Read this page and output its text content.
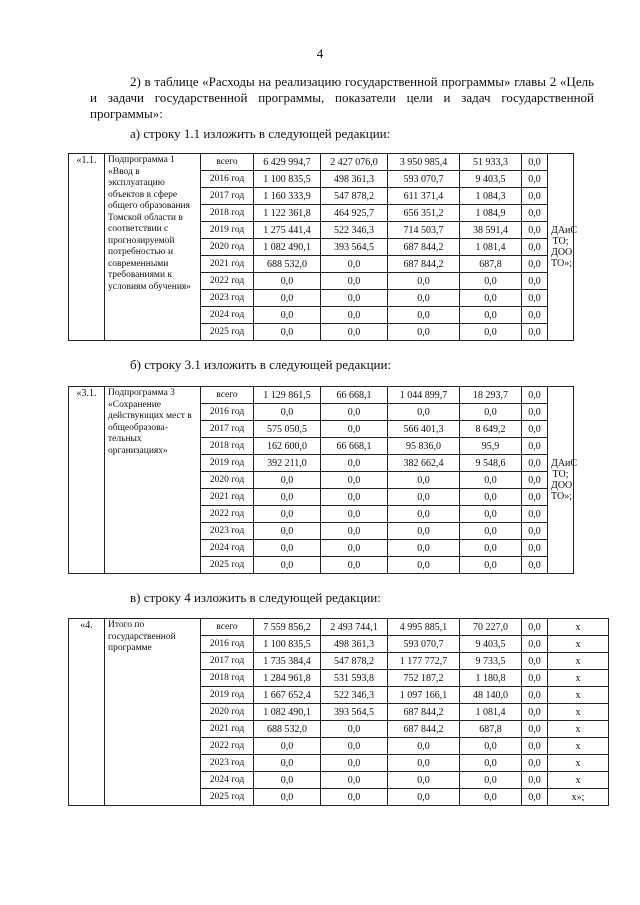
4
2) в таблице «Расходы на реализацию государственной программы» главы 2 «Цель и задачи государственной программы, показатели цели и задач государственной программы»:
а) строку 1.1 изложить в следующей редакции:
«1.1.	Подпрограмма 1 «Ввод в эксплуатацию объектов в сфере общего образования Томской области в соответствии с прогнозируемой потребностью и современными требованиями к условиям обучения»	всего	6 429 994,7	2 427 076,0	3 950 985,4	51 933,3	0,0	ДАиС ТО; ДОО ТО»;
		2016 год	1 100 835,5	498 361,3	593 070,7	9 403,5	0,0	
		2017 год	1 160 333,9	547 878,2	611 371,4	1 084,3	0,0	
		2018 год	1 122 361,8	464 925,7	656 351,2	1 084,9	0,0	
		2019 год	1 275 441,4	522 346,3	714 503,7	38 591,4	0,0	
		2020 год	1 082 490,1	393 564,5	687 844,2	1 081,4	0,0	
		2021 год	688 532,0	0,0	687 844,2	687,8	0,0	
		2022 год	0,0	0,0	0,0	0,0	0,0	
		2023 год	0,0	0,0	0,0	0,0	0,0	
		2024 год	0,0	0,0	0,0	0,0	0,0	
		2025 год	0,0	0,0	0,0	0,0	0,0	
б) строку 3.1 изложить в следующей редакции:
«3.1.	Подпрограмма 3 «Сохранение действующих мест в общеобразова- тельных организациях»	всего	1 129 861,5	66 668,1	1 044 899,7	18 293,7	0,0	ДАиС ТО; ДОО ТО»;
		2016 год	0,0	0,0	0,0	0,0	0,0	
		2017 год	575 050,5	0,0	566 401,3	8 649,2	0,0	
		2018 год	162 600,0	66 668,1	95 836,0	95,9	0,0	
		2019 год	392 211,0	0,0	382 662,4	9 548,6	0,0	
		2020 год	0,0	0,0	0,0	0,0	0,0	
		2021 год	0,0	0,0	0,0	0,0	0,0	
		2022 год	0,0	0,0	0,0	0,0	0,0	
		2023 год	0,0	0,0	0,0	0,0	0,0	
		2024 год	0,0	0,0	0,0	0,0	0,0	
		2025 год	0,0	0,0	0,0	0,0	0,0	
в) строку 4 изложить в следующей редакции:
«4.	Итого по государственной программе	всего	7 559 856,2	2 493 744,1	4 995 885,1	70 227,0	0,0	х
		2016 год	1 100 835,5	498 361,3	593 070,7	9 403,5	0,0	х
		2017 год	1 735 384,4	547 878,2	1 177 772,7	9 733,5	0,0	х
		2018 год	1 284 961,8	531 593,8	752 187,2	1 180,8	0,0	х
		2019 год	1 667 652,4	522 346,3	1 097 166,1	48 140,0	0,0	х
		2020 год	1 082 490,1	393 564,5	687 844,2	1 081,4	0,0	х
		2021 год	688 532,0	0,0	687 844,2	687,8	0,0	х
		2022 год	0,0	0,0	0,0	0,0	0,0	х
		2023 год	0,0	0,0	0,0	0,0	0,0	х
		2024 год	0,0	0,0	0,0	0,0	0,0	х
		2025 год	0,0	0,0	0,0	0,0	0,0	х»;
